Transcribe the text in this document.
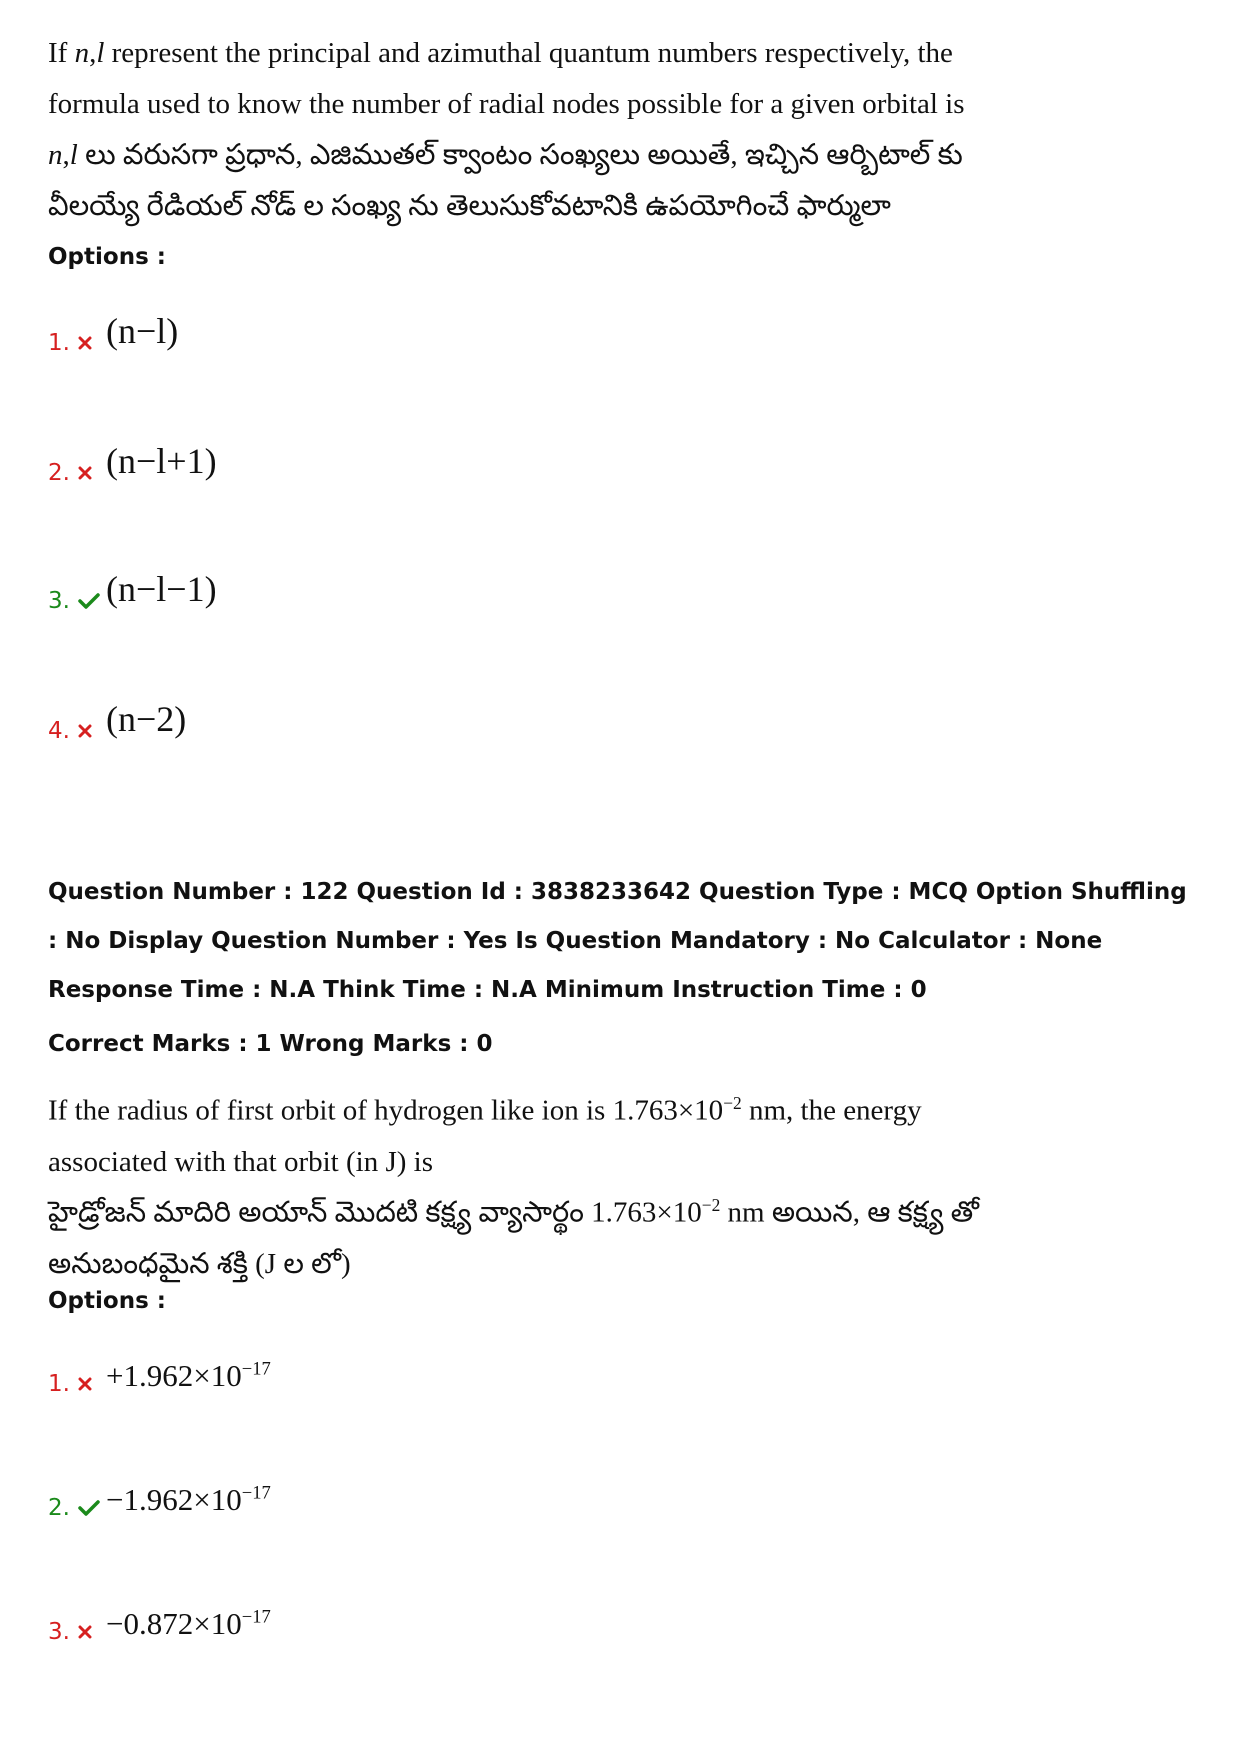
If n,l represent the principal and azimuthal quantum numbers respectively, the formula used to know the number of radial nodes possible for a given orbital is
n,l లు వరుసగా ప్రధాన, ఎజిముతల్ క్వాంటం సంఖ్యలు అయితే, ఇచ్చిన ఆర్బిటాల్ కు
వీలయ్యే రేడియల్ నోడ్ ల సంఖ్య ను తెలుసుకోవటానికి ఉపయోగించే ఫార్ములా
Options :
1. (n−l)
2. (n−l+1)
3. (n−l−1)
4. (n−2)
Question Number : 122 Question Id : 3838233642 Question Type : MCQ Option Shuffling : No Display Question Number : Yes Is Question Mandatory : No Calculator : None Response Time : N.A Think Time : N.A Minimum Instruction Time : 0
Correct Marks : 1 Wrong Marks : 0
If the radius of first orbit of hydrogen like ion is $1.763\times 10^{-2}$ nm, the energy associated with that orbit (in J) is
హైడ్రోజన్ మాదిరి అయాన్ మొదటి కక్ష్య వ్యాసార్థం $1.763\times 10^{-2}$ nm అయిన, ఆ కక్ష్య తో అనుబంధమైన శక్తి (J ల లో)
Options :
1. $+1.962\times 10^{-17}$
2. $-1.962\times 10^{-17}$
3. $-0.872\times 10^{-17}$
